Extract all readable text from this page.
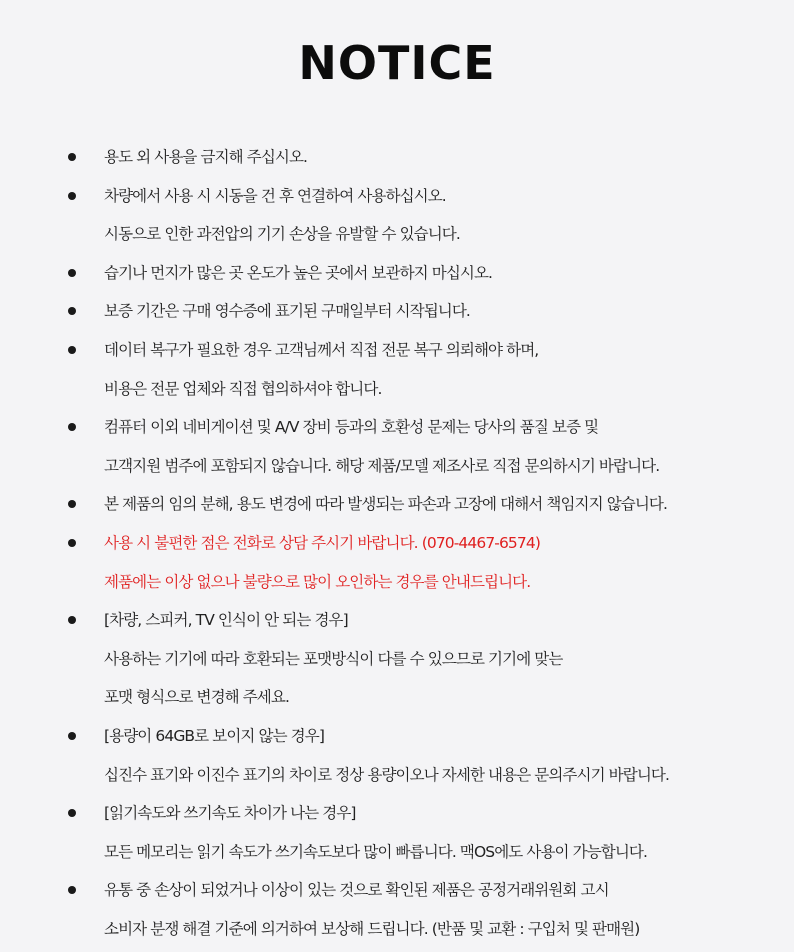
NOTICE
용도 외 사용을 금지해 주십시오.
차량에서 사용 시 시동을 건 후 연결하여 사용하십시오.
시동으로 인한 과전압의 기기 손상을 유발할 수 있습니다.
습기나 먼지가 많은 곳 온도가 높은 곳에서 보관하지 마십시오.
보증 기간은 구매 영수증에 표기된 구매일부터 시작됩니다.
데이터 복구가 필요한 경우 고객님께서 직접 전문 복구 의뢰해야 하며,
비용은 전문 업체와 직접 협의하셔야 합니다.
컴퓨터 이외 네비게이션 및 A/V 장비 등과의 호환성 문제는 당사의 품질 보증 및
고객지원 범주에 포함되지 않습니다. 해당 제품/모델 제조사로 직접 문의하시기 바랍니다.
본 제품의 임의 분해, 용도 변경에 따라 발생되는 파손과 고장에 대해서 책임지지 않습니다.
사용 시 불편한 점은 전화로 상담 주시기 바랍니다. (070-4467-6574)
제품에는 이상 없으나 불량으로 많이 오인하는 경우를 안내드립니다.
[차량, 스피커, TV 인식이 안 되는 경우]
사용하는 기기에 따라 호환되는 포맷방식이 다를 수 있으므로 기기에 맞는
포맷 형식으로 변경해 주세요.
[용량이 64GB로 보이지 않는 경우]
십진수 표기와 이진수 표기의 차이로 정상 용량이오나 자세한 내용은 문의주시기 바랍니다.
[읽기속도와 쓰기속도 차이가 나는 경우]
모든 메모리는 읽기 속도가 쓰기속도보다 많이 빠릅니다. 맥OS에도 사용이 가능합니다.
유통 중 손상이 되었거나 이상이 있는 것으로 확인된 제품은 공정거래위원회 고시
소비자 분쟁 해결 기준에 의거하여 보상해 드립니다. (반품 및 교환 : 구입처 및 판매원)
